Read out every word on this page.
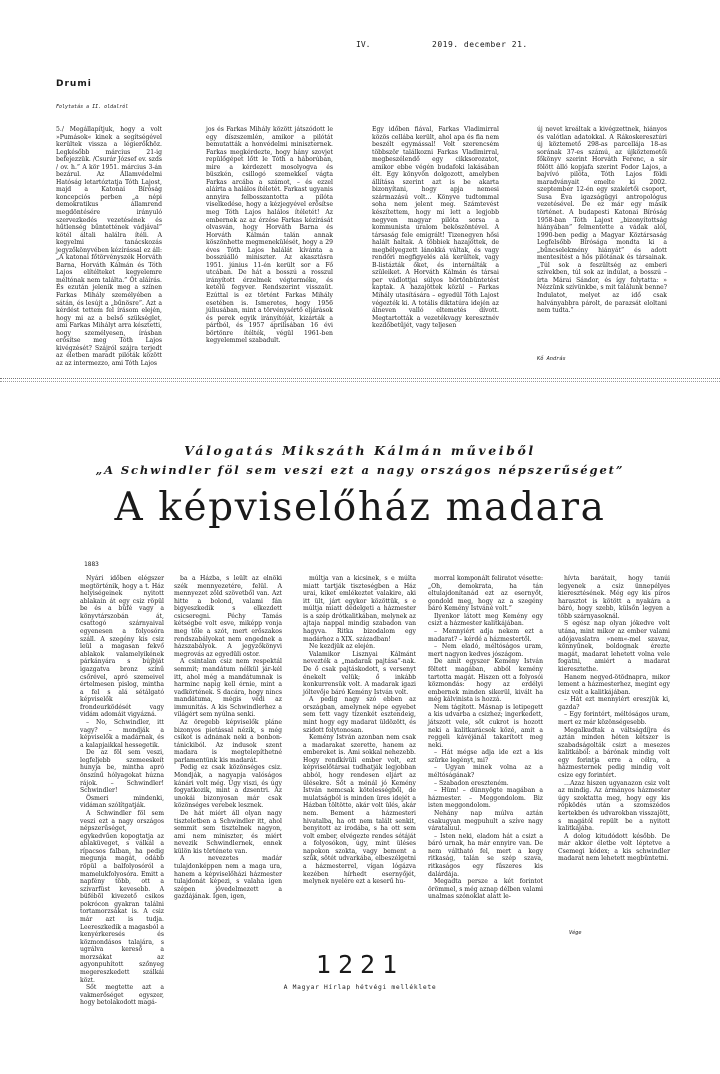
IV.	2019. december 21.
Drumi
Folytatás a II. oldalról

5./ Megállapítjuk, hogy a volt »Pumások« kinek a segítségével kerültek vissza a légierőkhöz. Legkésőbb március 21-ig befejezzük. /Csurár József ev. szds / ov. h.” A kör 1951. március 3-án bezárul. Az Államvédelmi Hatóság letartóztatja Tóth Lajost, majd a Katonai Bíróság koncepciós perben „a népi demokratikus államrend megdöntésére irányuló szervezkedés vezetésének és hűtlenség bűntettének vádjával” kötél általi halálra ítéli. A kegyelmi tanácskozás jegyzőkönyvében kézírással ez áll: „A katonai főtörvényszék Horváth Barna, Horváth Kálmán és Tóth Lajos elítélteket kegyelemre méltónak nem találta.” Öt aláírás. És ezután jelenik meg a színen Farkas Mihály személyében a sátán, és lesújt a „bűnösre”. Azt a kérdést tettem fel írásom elején, hogy mi az a belső szükséglet, ami Farkas Mihályt arra késztetti, hogy személyesen, írásban erősítse meg Tóth Lajos kivégzését? Szájról szájra terjedt az életben maradt pilóták között az az intermezzo, ami Tóth Lajos

jos és Farkas Mihály között játszódott le egy díszszemlén, amikor a pilótát bemutatták a honvédelmi miniszternek. Farkas megkérdezte, hogy hány szovjet repülőgépet lőtt le Tóth a háborúban, mire a kérdezett mosolyogva és büszkén, csillogó szemekkel vágta Farkas arcába a számot, – és ezzel aláírta a halálos ítéletét. Farkast ugyanis annyira felbosszantotta a pilóta viselkedése, hogy a kézjegyével erősítse meg Tóth Lajos halálos ítéletét! Az embernek az az érzése Farkas kézírását olvasván, hogy Horváth Barna és Horváth Kálmán talán annak köszönhette megmenekülését, hogy a 29 éves Tóth Lajos halálát kívánta a bosszúálló miniszter. Az akasztásra 1951. június 11-én került sor a Fő utcában. De hát a bosszú a rosszul irányított érzelmek végterméke, és ketélű fegyver. Rendszerint visszaüt. Ezúttal is ez történt Farkas Mihály esetében is. Ismeretes, hogy 1956 júliusában, mint a törvénysértő eljárások és perek egyik irányítóját, kizárták a pártból, és 1957 áprilisában 16 évi börtönre ítélték, végül 1961-ben kegyelemmel szabadult.

Egy időben fiával, Farkas Vladimirral közös cellába került, ahol apa és fia nem beszélt egymással! Volt szerencsém többször találkozni Farkas Vladimirral, megbeszélendő egy cikksorozatot, amikor ebbe végén budafoki lakásában élt. Egy könyvön dolgozott, amelyben állítása szerint azt is be akarta bizonyítani, hogy apja nemesi származású volt… Könyve tudtommal soha nem jelent meg. Számtevést készítettem, hogy mi lett a legjobb negyven magyar pilóta sorsa a kommunista uralom beköszöntével. A társaság fele emigrált! Tizenegyen hősi halált haltak. A többiek hazajöttek, de megbélyegzett lánokká váltak, és vagy rendőri megfigyelés alá kerültek, vagy B-listázták őket, és internálták a szüleiket. A Horváth Kálmán és társai per vádlottjai súlyos börtönbüntetést kaptak. A hazajöttek közül – Farkas Mihály utasítására – egyedül Tóth Lajost végezték ki. A totális diktatúra idején az álneven valló eltemetés dívott. Megtartották a vezetékvagy keresztnév kezdőbetűjét, vagy teljesen

új nevet kreáltak a kivégzettnek, hiányos és valótlan adatokkal. A Rákoskeresztúri új köztemető 298-as parcellája 18-as sorának 37-es számú, az újköztemetői főkönyv szerint Horváth Ferenc, a sír fölött álló kopjafa szerint Fodor Lajos, a bajvívó pilóta, Tóth Lajos földi maradványait emelte ki 2002. szeptember 12-én egy szakértői csoport, Susa Éva igazságügyi antropológus vezetésével. De ez már egy másik történet. A budapesti Katonai Bíróság 1958-ban Tóth Lajost „bizonyítottság hiányában” felmentette a vádak alól, 1990-ben pedig a Magyar Köztársaság Legfelsőbb Bírósága mondta ki a „bűncselekmény hiányát” és adott mentesítést a hős pilótának és társainak. „Túl sok a feszültség az emberi szívekben, túl sok az indulat, a bosszú – írta Márai Sándor, és így folytatta: » Nézzünk szívünkbe, s mit találunk benne? Indulatot, melyet az idő csak halványabbra párolt, de parazsát eloltani nem tudta.”

Kő András
Válogatás Mikszáth Kálmán műveiből
„A Schwindler föl sem veszi ezt a nagy országos népszerűséget”
A képviselőház madara
1883

Nyári időben elégszer megtörténik, hogy a t. Ház helyiségeinek nyitott ablakain át egy csiz röpül be és a büfé vagy a könyvtárszobán át, csattogó szárnyaival egyenesen a folyosóra száll. A szegény kis csiz leül a magasan fekvő ablakok valamelyikének párkányára s bújbját igazgatva bronz színű csőrével, apró szemeivel értelmesen pislog, mintha a fel s alá sétálgató képviselők frondeurködését vagy vidám adomáit vigyázná.

– No, Schwindler, itt vagy? – mondják a képviselők a madárnak, és a kalapjaikkal hessegetik.

De az föl sem veszi, legfeljebb szemeeskeít hunyja be, mintha apró önszínű hólyagokat húzna rájok. – Schwindler! Schwindler!

Ösmeri mindenki, vidáman szólítgatják.

A Schwindler föl sem veszi ezt a nagy országos népszerűséget, egykedvűen kopogtatja az ablaküveget, s válkál a rípacsos falban, ha pedig megunja magát, odább röpül a balfolyosóról a mamelukfolyosóra. Emitt a napfény több, ott a szivarfüst kevesebb. A büfébõl kivezető csikos pokrócon gyakran találni tortamorzsákat is. A csiz már azt is tudja. Leereszkedik a magasból a kenyérkeresés és közmondásos talajára, s ugrálva kereső a morzsákat az agyonpuhított szőnyeg megereszkedett szálkái közt.

Sőt megtette azt a vakmerőséget egyszer, hogy betolakodott magá-

ba a Házba, s leült az elnöki szék mennyezetére, felül. A mennyezet zöld szövetből van. Azt hitte a bolond, valami fán bigyeszkedik s elkezdett csicseregni. Péchy Tamás kétségbe volt esve, miképp vonja meg tőle a szót, mert erőszakos rendszabályokat nem engednek a házszabályok. A jegyzőkönyvi megrovás az egyedüli ostor.

A csintalan csiz nem respektál semmit; mandátum nélkül jár-kél itt, ahol még a mandátumnak is harminc napig kell érnie, mint a vadkörtének. S dacára, hogy nincs mandátuma, mégis védi az immunitás. A kis Schwindlerhez a világért sem nyúlna senki.

Az öregebb képviselők pláne bizonyos pietással nézik, s még csíkot is adnának neki a bonbon-tánickiból. Az indusok szent madara is megtelepíthetné parlamentünk kis madarát.

Pedig ez csak közönséges csiz. Mondják, a nagyapja valóságos kánári volt még. Úgy viszi, és úgy fogyatkozik, mint a dzsentri. Az unokái bizonyosan már csak közönséges verebek lesznek.

De hát miért áll olyan nagy tiszteletben a Schwindler itt, ahol semmit sem tisztelnek nagyon, ami nem miniszter, és miért nevezik Schwindlernek, ennek külön kis története van.

A nevezetes madár tulajdonképpen nem a maga ura, hanem a képviselőházi házmester tulajdonát képezi, s valaha igen szépen jövedelmezett a gazdájának. Igen, igen,

múltja van a kicsinek, s e múlta miatt tartják tiszteségben a Ház urai, kiket emlékeztet valakire, aki itt ült, járt egykor közöttük, s e múltja miatt dédelgeti a házmester is a szép drótkalitkában, melynek az ajtaja nappal mindig szabadon van hagyva. Ritka bizodalom egy madárhoz a XIX. században!

Ne kezdjük az elején.

Valamikor Lisznyai Kálmánt nevezték a „madarak pajtása”-nak. De ő csak pajtáskodott, s versenyt énekelt velük; ő inkább konkurrensük volt. A madarak igazi jóltevője báró Kemény István volt.

A pedig nagy szó ebben az országban, amelynek népe egyebet sem tett vagy tizenkét esztendeig, mint hogy egy madarat üldözött, és szidott folytonosan.

Kemény István azonban nem csak a madarakat szerette, hanem az embereket is. Ami sokkal nehezebb. Hogy rendkívüli ember volt, ezt képviselőtársai tudhatják legjobban abból, hogy rendesen eljárt az ülésekre. Sőt a ménál jó Kemény István nemcsak kötelességből, de mulatságból is minden üres idejét a Házban töltötte, akár volt ülés, akár nem. Bement a házmesteri hivatalba, ha ott nem talált senkit, benyitott az irodába, s ha ott sem volt ember, elvégezte rendes sétáját a folyosókon, úgy, mint üléses napokon szokta, vagy bement a szűk, sötét udvarkába, elbeszélgetni a házmesterrel, vígan lógázva kezében hírhedt esernyőjét, melynek nyelére ezt a keserű hu-

morral komponált feliratot vésette: „Oh, demokrata, ha tán eltulajdonítanád ezt az esernyőt, gondold meg, hogy az a szegény báró Kemény Istváné volt.”

Ilyenkor látott meg Kemény egy csizt a házmester kalitkájában.

– Mennyiért adja nekem ezt a madarat? – kérdé a házmestertől.

– Nem eladó, méltóságos uram, mert nagyon kedves jószágom.

De amit egyszer Kemény István föltett magában, abból kemény tartotta magát. Hiszen ott a folyosói közmondás: hogy az erdélyi embernek minden sikerül, kivált ha még kálvinista is hozzá.

Nem tágított. Másnap is letipegett a kis udvarba a csizhez; ingerkedett, játszott vele, sőt cukrot is hozott neki a kalitkarácsok közé, amit a reggeli kávéjánál takarított meg neki.

– Hát mégse adja ide ezt a kis szürke legényt, mi?

– Ugyan minek volna az a méltóságának?

– Szabadon ereszteném.

– Hüm! – dünnyögte magában a házmester. – Meggondolom. Biz isten meggondolom.

Nehány nap múlva aztán csakugyan megpuhult a szíve nagy várataluul.

– Isten neki, eladom hát a csizt a báró urnak, ha már ennyire van. De nem váltható fel, mert a kegy ritkaság, talán se szép szava, ritkaságos egy fűszeres kis dalárdája.

Megadta persze a két forintot örömmel, s még aznap délben valami unalmas szónoklat alatt le-

hívta barátait, hogy tanúi legyenek a csiz ünnepélyes kieresztésének. Még egy kis piros harasztot is kötött a nyakára a báró, hogy szebb, külsőn legyen a több szárnyasoknál.

S egész nap olyan jókedve volt utána, mint mikor az ember valami adójavaslatra »nem«-mel szavaz, könnyűnek, boldognak érezte magát, madarat lehetett volna vele fogatni, amiért a madarat kieresztethe.

Hanem negyed-ötödnapra, mikor lement a házmesterhez, megint egy csiz volt a kalitkájában.

– Hát ezt mennyiért ereszjük ki, gazda?

– Egy forintért, méltóságos uram, mert ez már közönségesebb.

Megalkudtak a váltságdíjra és aztán minden héten kétszer is szabadságolták csizt a mesezes kalitkából: a bárónak mindig volt egy forintja erre a célra, a házmesternek pedig mindig volt csize egy forintért.

…Azaz hiszen ugyanazon csiz volt az mindig. Az ármányos házmester úgy szoktatta meg, hogy egy kis röpködés után a szomszédos kertekben és udvarokban visszajött, s magától repült be a nyitott kalitkájába.

A dolog kitudódott később. De már akkor életbe volt léptetve a Csemegi kódex; a kis schwindler madarat nem lehetett megbüntetni.

Vége
1221
A Magyar Hírlap hétvégi melléklete
